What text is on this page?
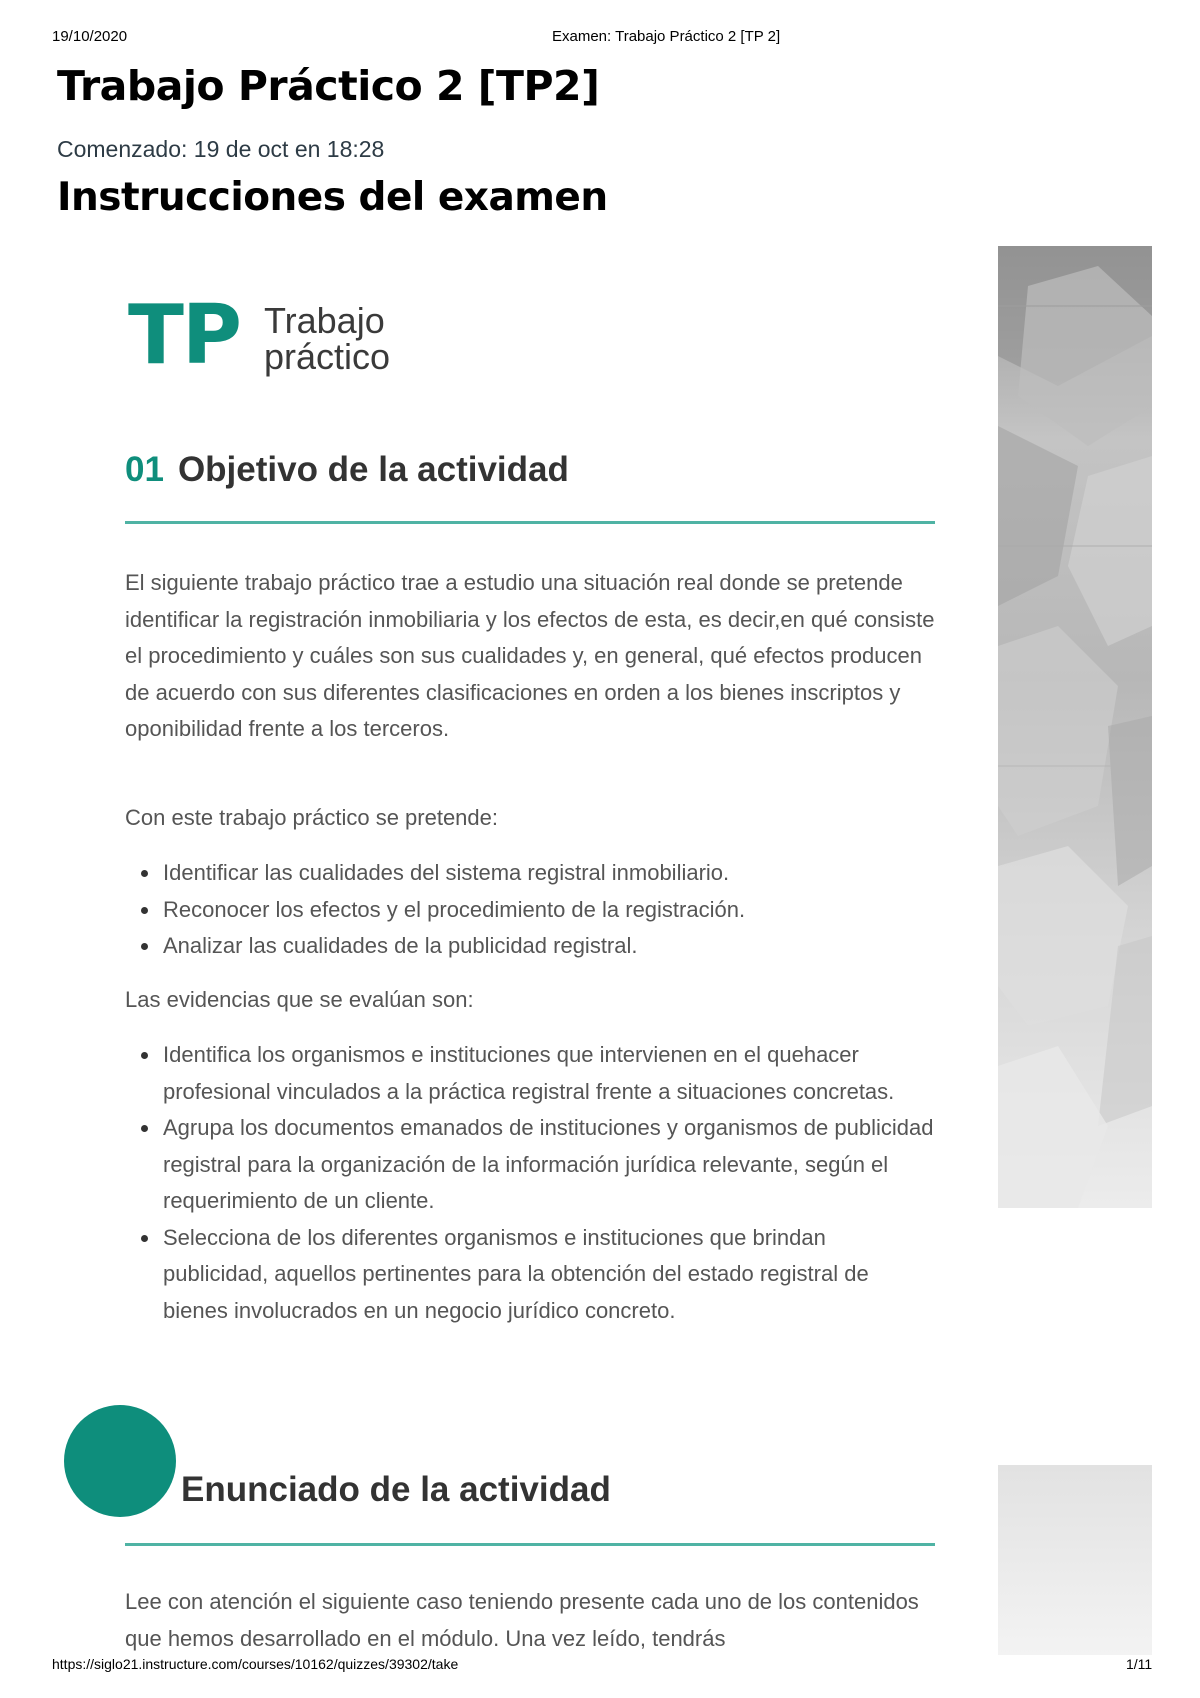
19/10/2020	Examen: Trabajo Práctico 2 [TP 2]
Trabajo Práctico 2 [TP2]
Comenzado: 19 de oct en 18:28
Instrucciones del examen
TP Trabajo
práctico
01 Objetivo de la actividad

El siguiente trabajo práctico trae a estudio una situación real donde se pretende identificar la registración inmobiliaria y los efectos de esta, es decir,en qué consiste el procedimiento y cuáles son sus cualidades y, en general, qué efectos producen de acuerdo con sus diferentes clasificaciones en orden a los bienes inscriptos y oponibilidad frente a los terceros.

Con este trabajo práctico se pretende:

Identificar las cualidades del sistema registral inmobiliario.
Reconocer los efectos y el procedimiento de la registración.
Analizar las cualidades de la publicidad registral.

Las evidencias que se evalúan son:

Identifica los organismos e instituciones que intervienen en el quehacer profesional vinculados a la práctica registral frente a situaciones concretas.
Agrupa los documentos emanados de instituciones y organismos de publicidad registral para la organización de la información jurídica relevante, según el requerimiento de un cliente.
Selecciona de los diferentes organismos e instituciones que brindan publicidad, aquellos pertinentes para la obtención del estado registral de bienes involucrados en un negocio jurídico concreto.
Enunciado de la actividad

Lee con atención el siguiente caso teniendo presente cada uno de los contenidos que hemos desarrollado en el módulo. Una vez leído, tendrás

https://siglo21.instructure.com/courses/10162/quizzes/39302/take	1/11
